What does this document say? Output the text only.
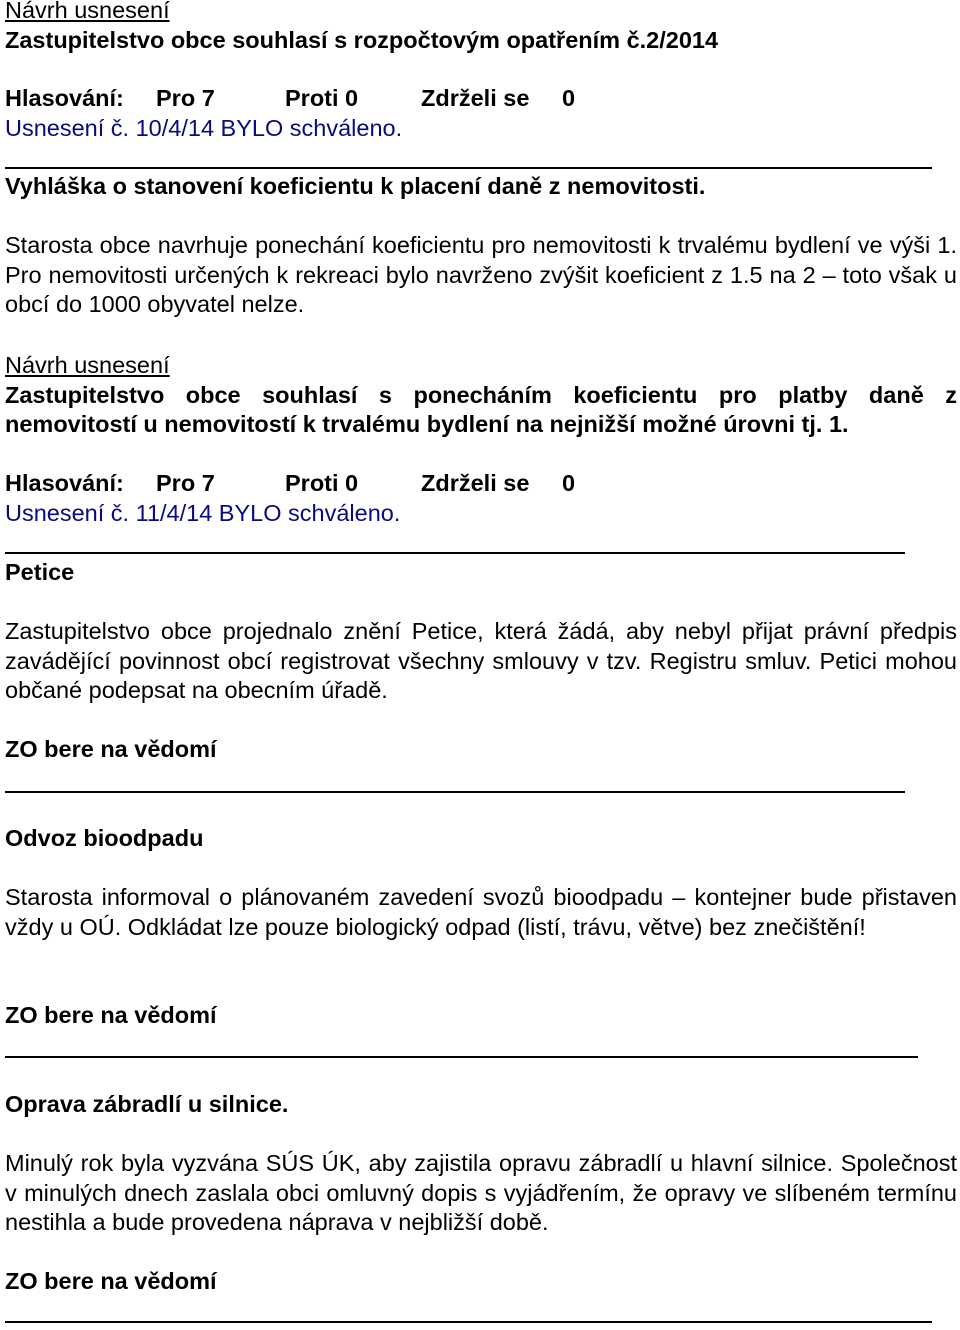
Návrh usnesení
Zastupitelstvo obce souhlasí s rozpočtovým opatřením č.2/2014
Hlasování: Pro 7	Proti 0	Zdrželi se 0
Usnesení č. 10/4/14 BYLO schváleno.
Vyhláška o stanovení koeficientu k placení daně z nemovitosti.
Starosta obce navrhuje ponechání koeficientu pro nemovitosti k trvalému bydlení ve výši 1. Pro nemovitosti určených k rekreaci bylo navrženo zvýšit koeficient z 1.5 na 2 – toto však u obcí do 1000 obyvatel nelze.
Návrh usnesení
Zastupitelstvo obce souhlasí s ponecháním koeficientu pro platby daně z nemovitostí u nemovitostí k trvalému bydlení na nejnižší možné úrovni tj. 1.
Hlasování: Pro 7	Proti 0	Zdrželi se 0
Usnesení č. 11/4/14 BYLO schváleno.
Petice
Zastupitelstvo obce projednalo znění Petice, která žádá, aby nebyl přijat právní předpis zavádějící povinnost obcí registrovat všechny smlouvy v tzv. Registru smluv. Petici mohou občané podepsat na obecním úřadě.
ZO bere na vědomí
Odvoz bioodpadu
Starosta informoval o plánovaném zavedení svozů bioodpadu – kontejner bude přistaven vždy u OÚ. Odkládat lze pouze biologický odpad (listí, trávu, větve) bez znečištění!
ZO bere na vědomí
Oprava zábradlí u silnice.
Minulý rok byla vyzvána SÚS ÚK, aby zajistila opravu zábradlí u hlavní silnice. Společnost v minulých dnech zaslala obci omluvný dopis s vyjádřením, že opravy ve slíbeném termínu nestihla a bude provedena náprava v nejbližší době.
ZO bere na vědomí
